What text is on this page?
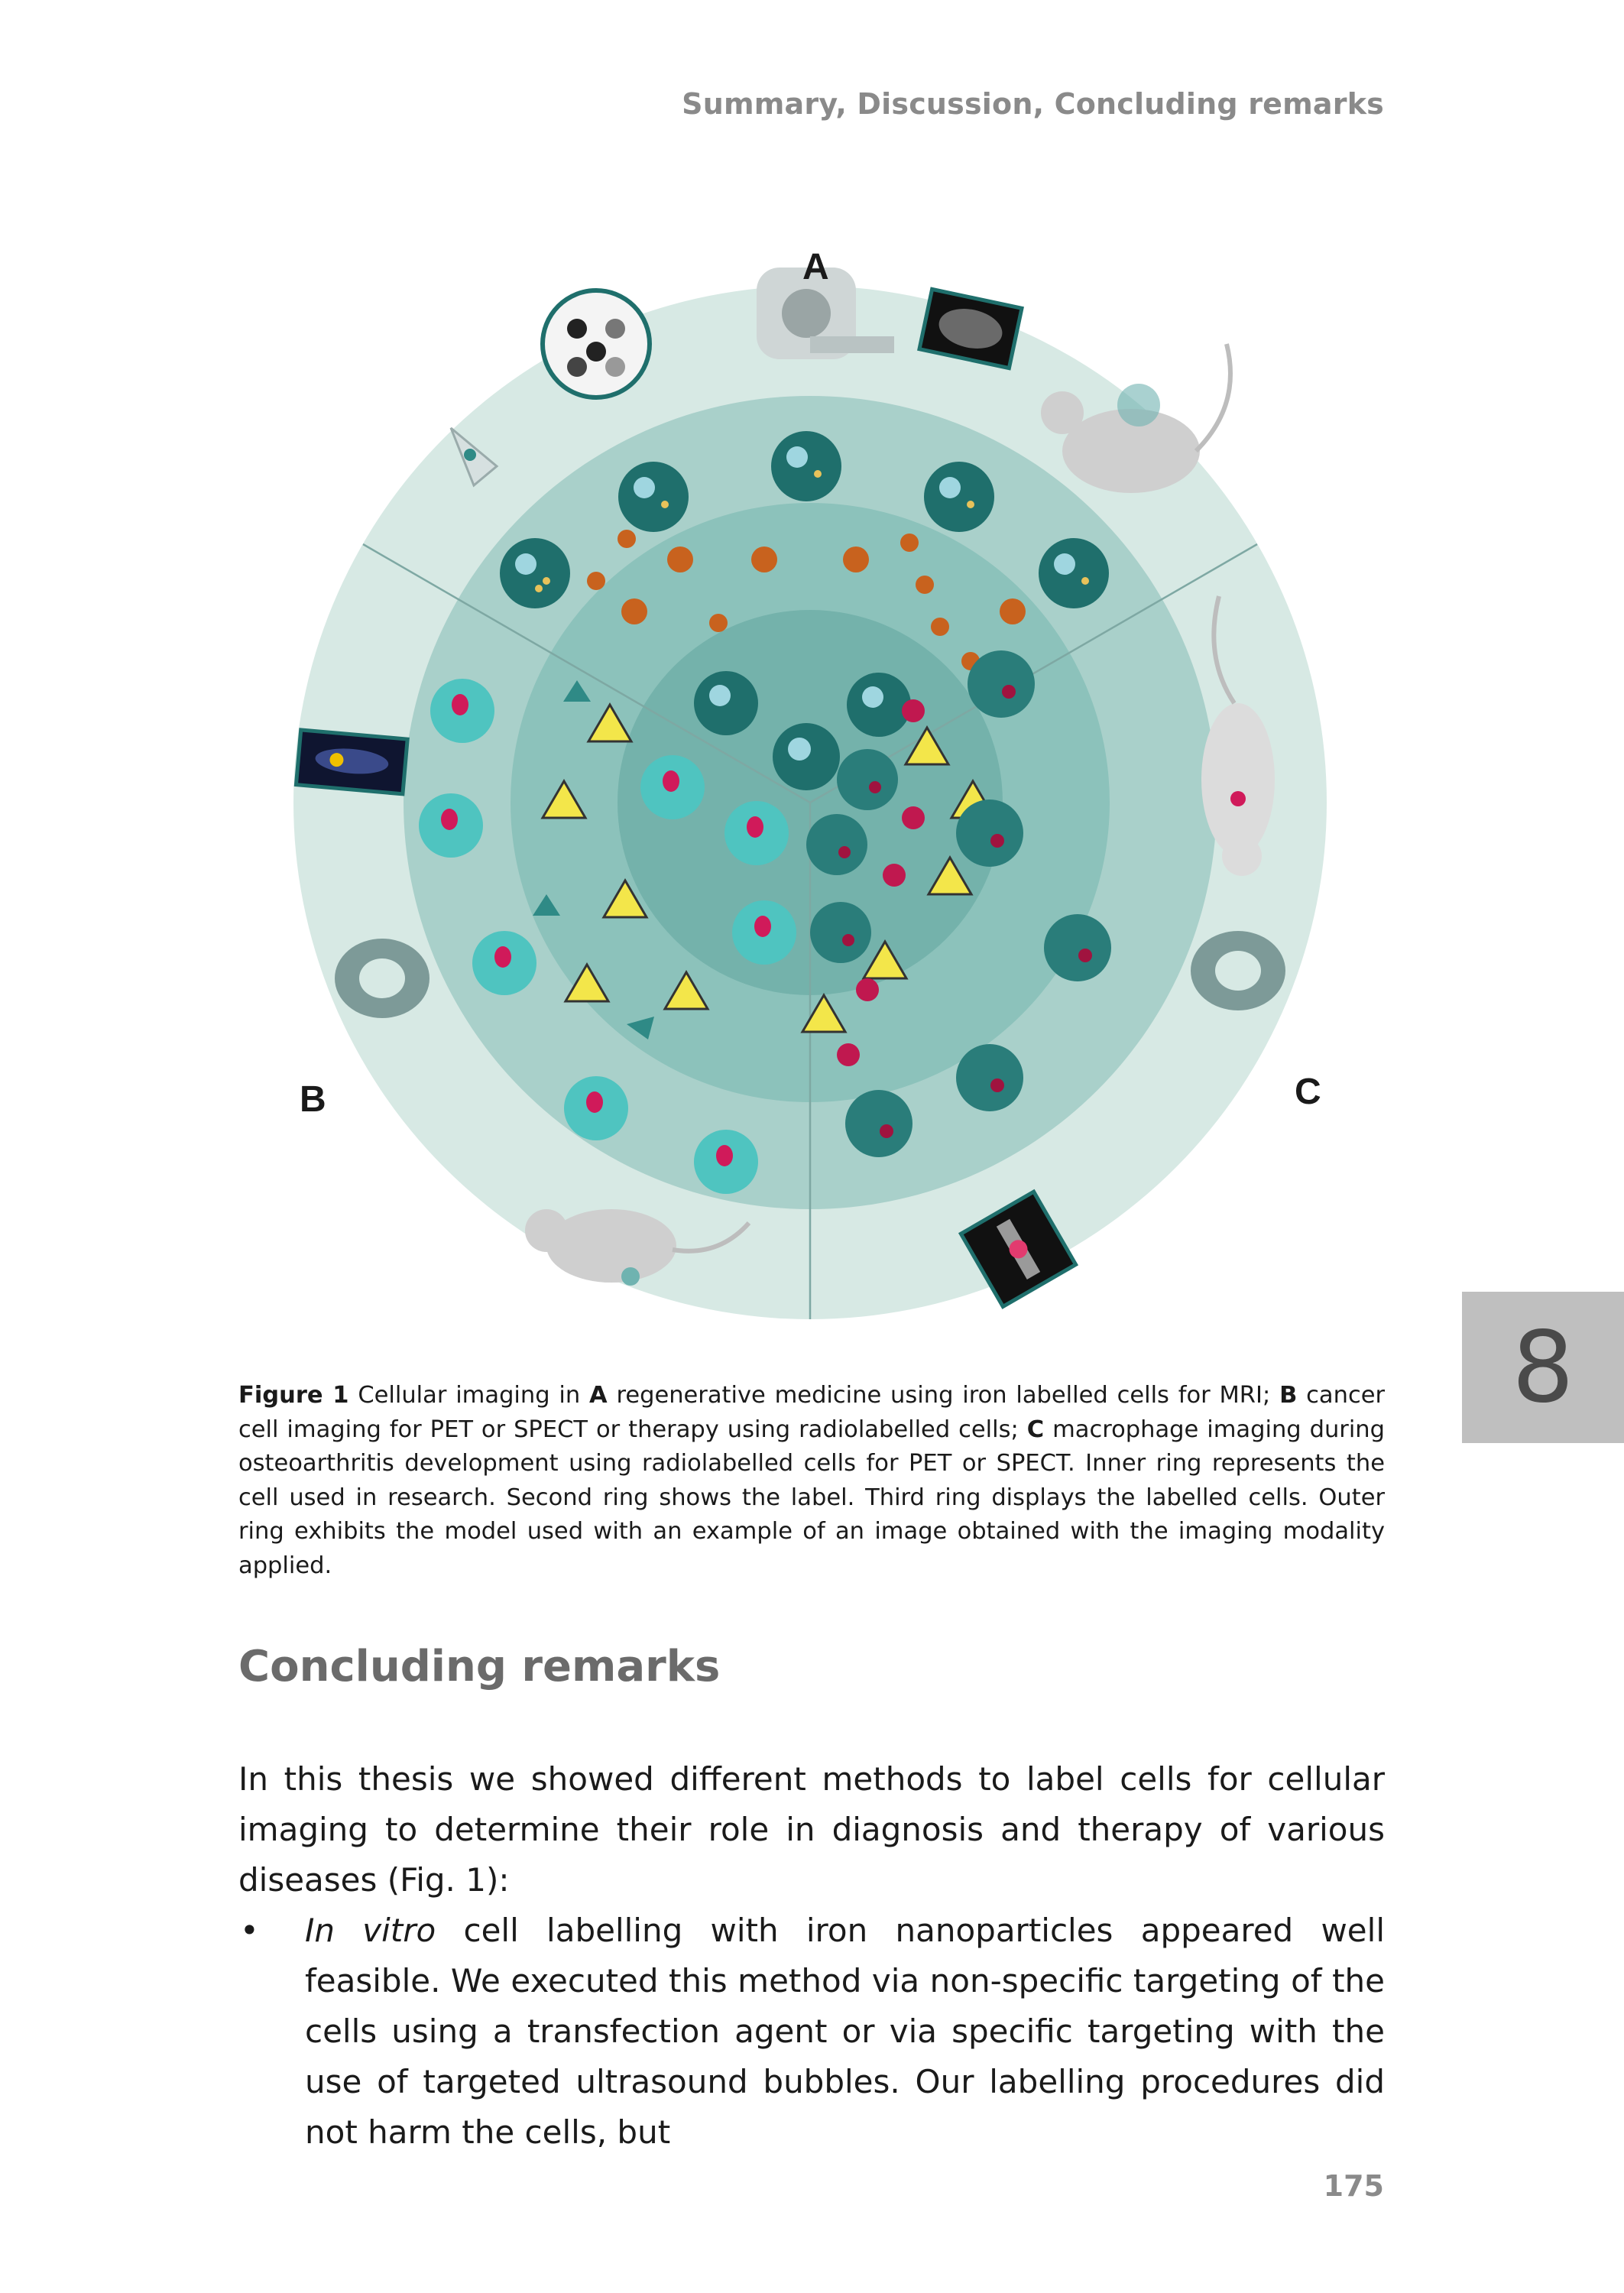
Summary, Discussion, Concluding remarks
A
B	C
8
Figure 1 Cellular imaging in A regenerative medicine using iron labelled cells for MRI; B cancer cell imaging for PET or SPECT or therapy using radiolabelled cells; C macrophage imaging during osteoarthritis development using radiolabelled cells for PET or SPECT. Inner ring represents the cell used in research. Second ring shows the label. Third ring displays the labelled cells. Outer ring exhibits the model used with an example of an image obtained with the imaging modality applied.
Concluding remarks

In this thesis we showed different methods to label cells for cellular imaging to determine their role in diagnosis and therapy of various diseases (Fig. 1):

• In vitro cell labelling with iron nanoparticles appeared well feasible. We executed this method via non-specific targeting of the cells using a transfection agent or via specific targeting with the use of targeted ultrasound bubbles. Our labelling procedures did not harm the cells, but

175
